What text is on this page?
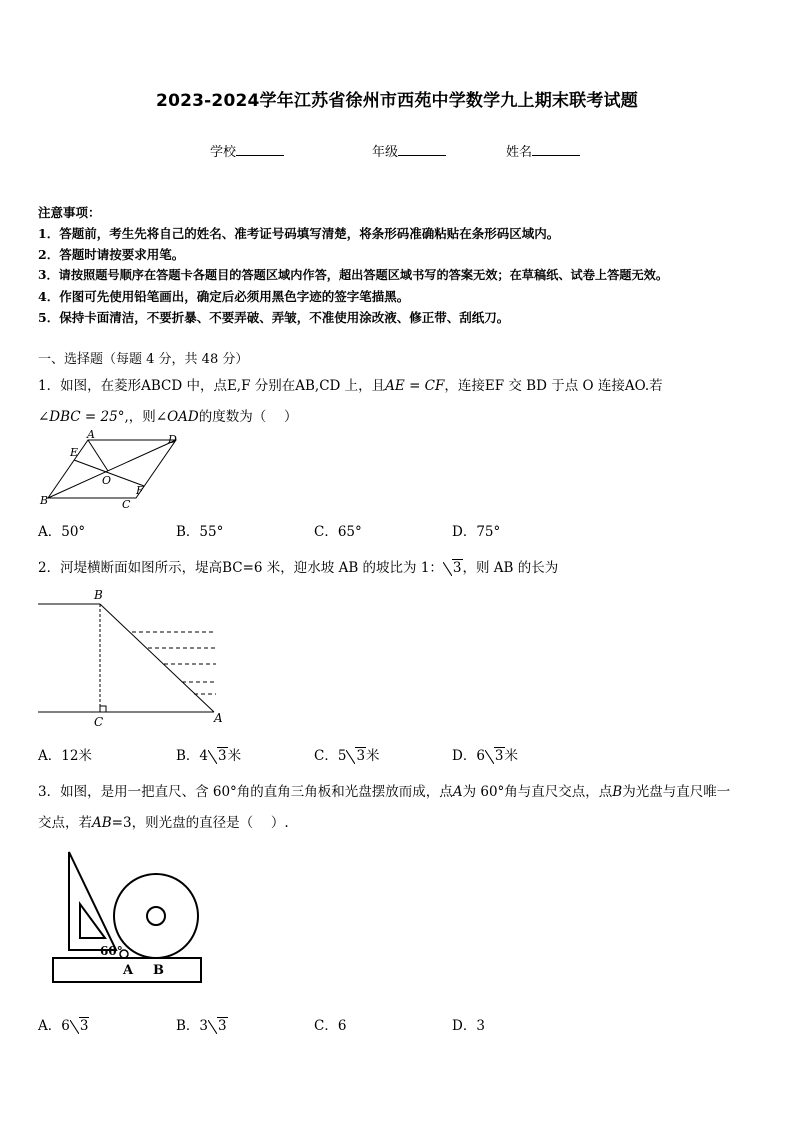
2023-2024学年江苏省徐州市西苑中学数学九上期末联考试题
学校	年级	姓名
注意事项：
1．答题前，考生先将自己的姓名、准考证号码填写清楚，将条形码准确粘贴在条形码区域内。
2．答题时请按要求用笔。
3．请按照题号顺序在答题卡各题目的答题区域内作答，超出答题区域书写的答案无效；在草稿纸、试卷上答题无效。
4．作图可先使用铅笔画出，确定后必须用黑色字迹的签字笔描黑。
5．保持卡面清洁，不要折暴、不要弄破、弄皱，不准使用涂改液、修正带、刮纸刀。
一、选择题（每题 4 分，共 48 分）
1．如图，在菱形ABCD 中，点E,F 分别在AB,CD 上，且AE = CF，连接EF 交 BD 于点 O 连接AO.若
∠DBC = 25°,，则∠OAD的度数为（　 ）
A	D
E
O
B
F
C
A．50°	B．55°	C．65°	D．75°
2．河堤横断面如图所示，堤高BC=6 米，迎水坡 AB 的坡比为 1： 3，则 AB 的长为
B
C	A
A．12米	B．4 3米	C．5 3米	D．6 3米
3．如图，是用一把直尺、含 60°角的直角三角板和光盘摆放而成，点A为 60°角与直尺交点，点B为光盘与直尺唯一
交点，若AB=3，则光盘的直径是（　 ）.
60°
A B
A．6 3	B．3 3	C．6	D．3
